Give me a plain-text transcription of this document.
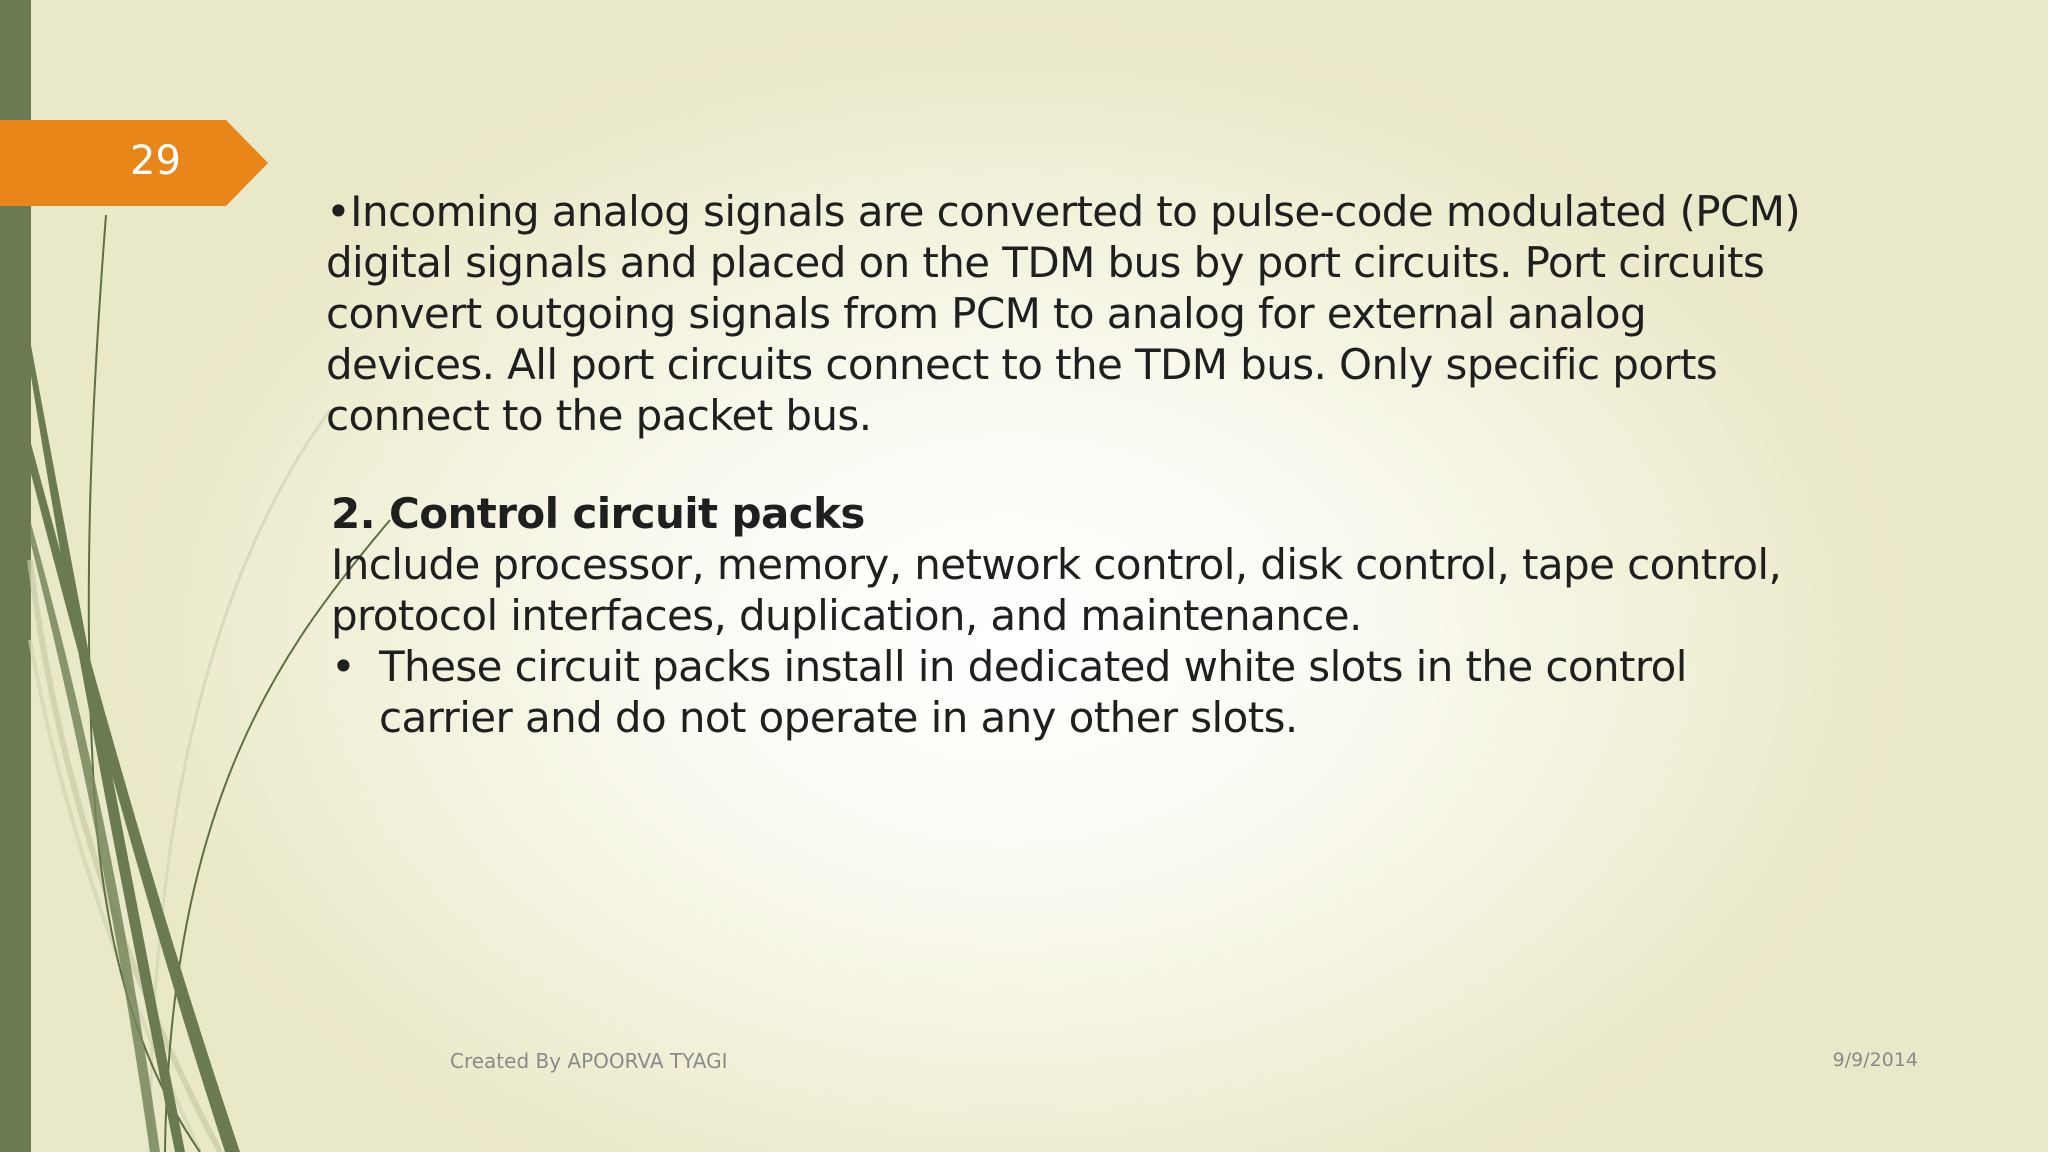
29

•Incoming analog signals are converted to pulse-code modulated (PCM) digital signals and placed on the TDM bus by port circuits. Port circuits convert outgoing signals from PCM to analog for external analog devices. All port circuits connect to the TDM bus. Only specific ports connect to the packet bus.

2. Control circuit packs

Include processor, memory, network control, disk control, tape control, protocol interfaces, duplication, and maintenance.

• These circuit packs install in dedicated white slots in the control carrier and do not operate in any other slots.
Created By APOORVA TYAGI	9/9/2014
